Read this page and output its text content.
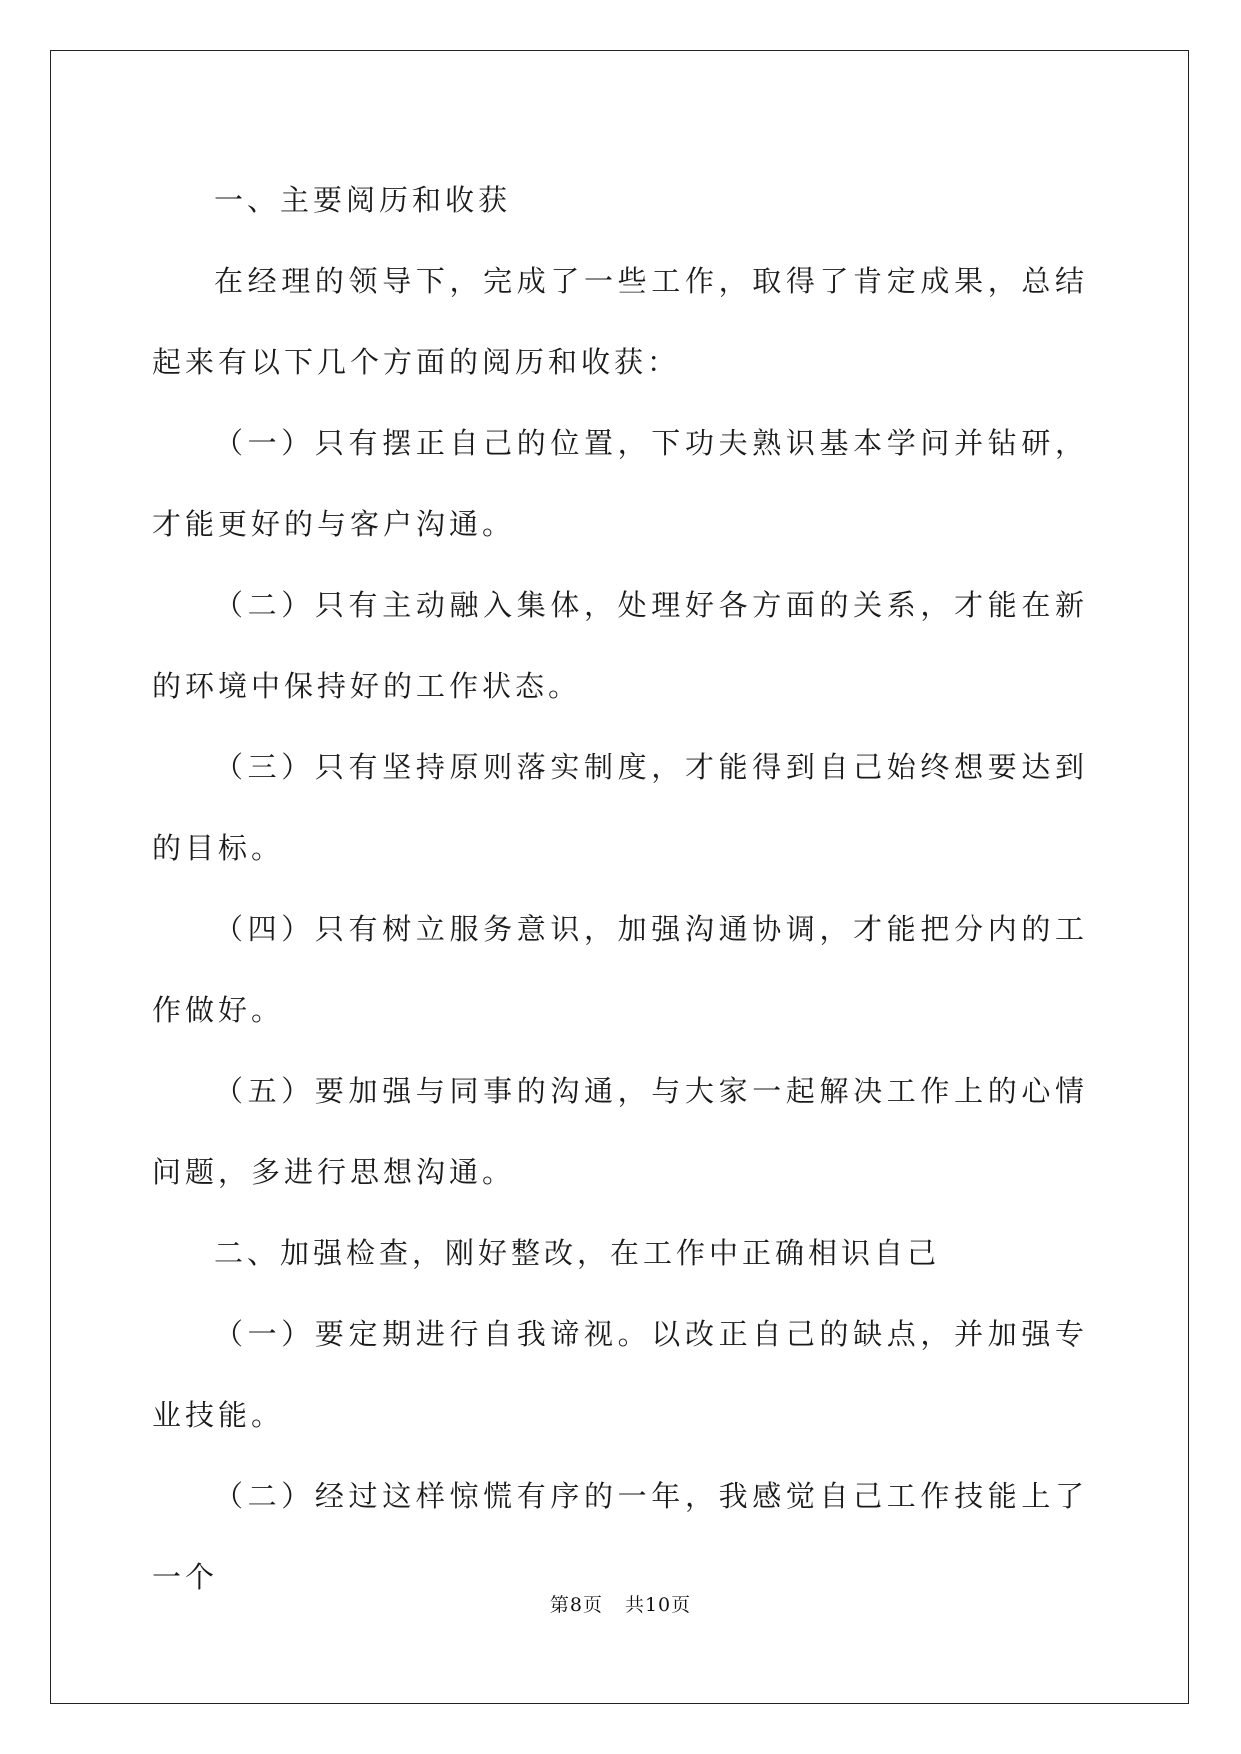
一、主要阅历和收获

在经理的领导下，完成了一些工作，取得了肯定成果，总结起来有以下几个方面的阅历和收获：

（一）只有摆正自己的位置，下功夫熟识基本学问并钻研，才能更好的与客户沟通。

（二）只有主动融入集体，处理好各方面的关系，才能在新的环境中保持好的工作状态。

（三）只有坚持原则落实制度，才能得到自己始终想要达到的目标。

（四）只有树立服务意识，加强沟通协调，才能把分内的工作做好。

（五）要加强与同事的沟通，与大家一起解决工作上的心情问题，多进行思想沟通。

二、加强检查，刚好整改，在工作中正确相识自己

（一）要定期进行自我谛视。以改正自己的缺点，并加强专业技能。

（二）经过这样惊慌有序的一年，我感觉自己工作技能上了一个

第8页 共10页
